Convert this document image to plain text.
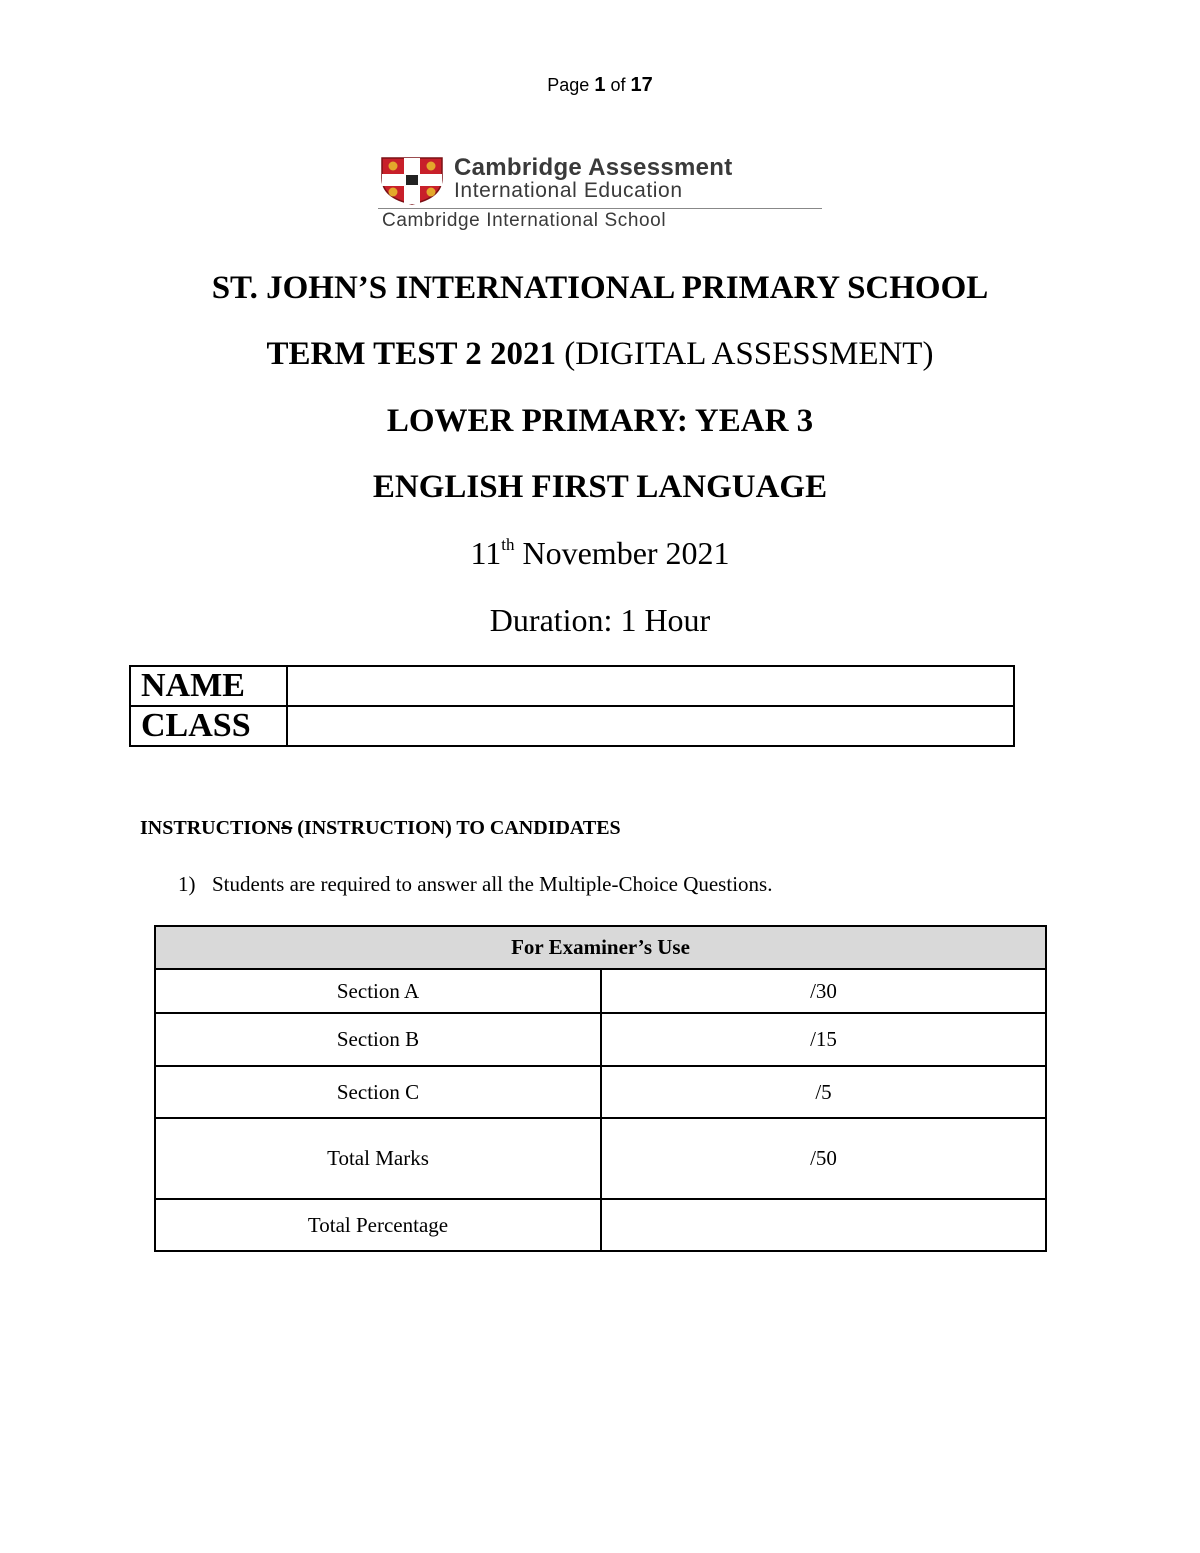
Page 1 of 17
Cambridge Assessment
International Education
Cambridge International School
ST. JOHN’S INTERNATIONAL PRIMARY SCHOOL
TERM TEST 2 2021 (DIGITAL ASSESSMENT)
LOWER PRIMARY: YEAR 3
ENGLISH FIRST LANGUAGE
11th November 2021
Duration: 1 Hour
NAME	
CLASS	
INSTRUCTIONS (INSTRUCTION) TO CANDIDATES
1) Students are required to answer all the Multiple-Choice Questions.
For Examiner’s Use	
Section A	/30
Section B	/15
Section C	/5
Total Marks	/50
Total Percentage	
